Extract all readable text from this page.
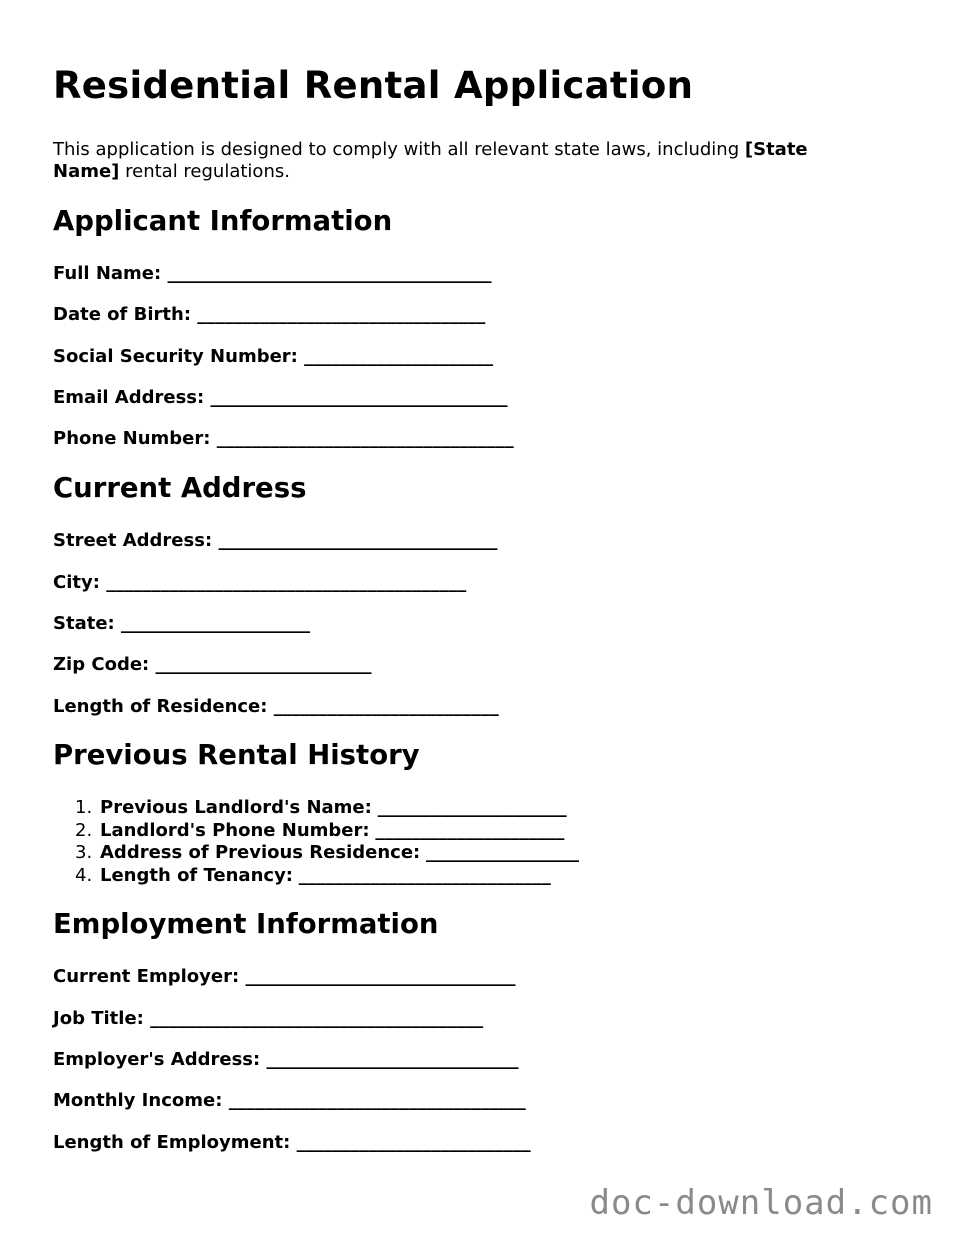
Residential Rental Application

This application is designed to comply with all relevant state laws, including [State Name] rental regulations.

Applicant Information
Full Name: ____________________________________
Date of Birth: ________________________________
Social Security Number: _____________________
Email Address: _________________________________
Phone Number: _________________________________
Current Address
Street Address: _______________________________
City: ________________________________________
State: _____________________
Zip Code: ________________________
Length of Residence: _________________________
Previous Rental History
1. Previous Landlord's Name: _____________________
2. Landlord's Phone Number: _____________________
3. Address of Previous Residence: _________________
4. Length of Tenancy: ____________________________
Employment Information
Current Employer: ______________________________
Job Title: _____________________________________
Employer's Address: ____________________________
Monthly Income: _________________________________
Length of Employment: __________________________
doc-download.com
